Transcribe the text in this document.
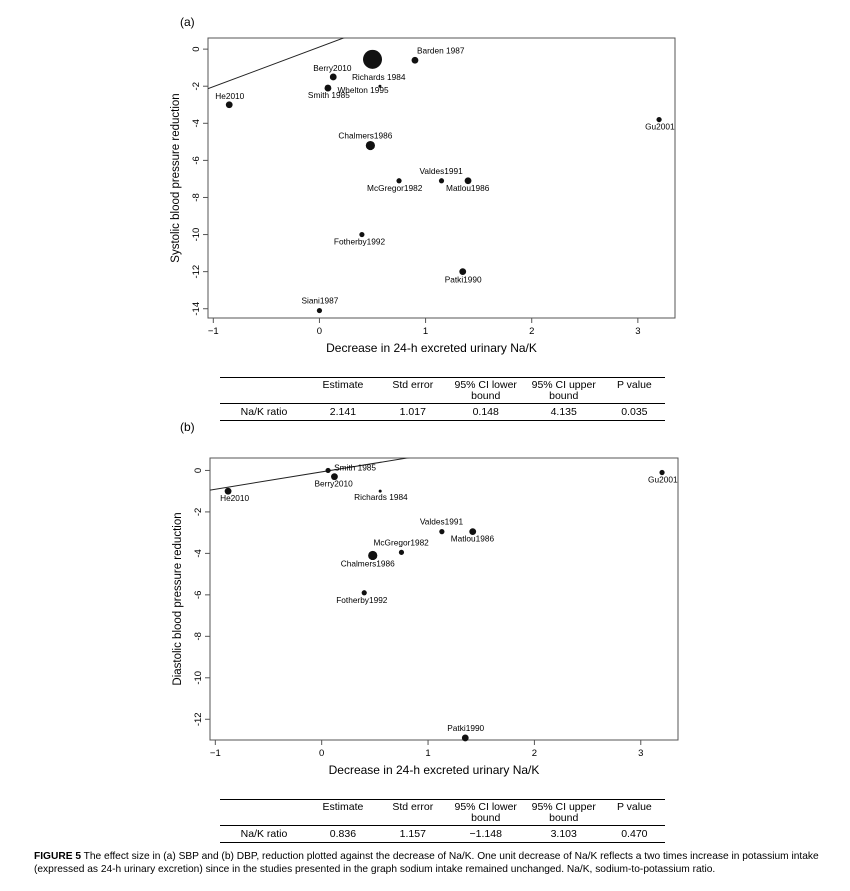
(a)
−1	0	1	2	3
0
-2
-4
-6
-8
-10
-12
-14
Decrease in 24-h excreted urinary Na/K
Systolic blood pressure reduction
Barden 1987
Berry2010
Richards 1984
Smith 1985
He2010
Whelton 1995
Gu2001
Chalmers1986
Valdes1991
McGregor1982	Matlou1986
Fotherby1992
Patki1990
Siani1987
	Estimate	Std error	95% CI lower bound	95% CI upper bound	P value
Na/K ratio	2.141	1.017	0.148	4.135	0.035
(b)
−1	0	1	2	3
0
-2
-4
-6
-8
-10
-12
Decrease in 24-h excreted urinary Na/K
Diastolic blood pressure reduction
Smith 1985
Berry2010
Richards 1984
He2010
Gu2001
Valdes1991
Matlou1986
McGregor1982
Chalmers1986
Fotherby1992
Patki1990
	Estimate	Std error	95% CI lower bound	95% CI upper bound	P value
Na/K ratio	0.836	1.157	−1.148	3.103	0.470
FIGURE 5 The effect size in (a) SBP and (b) DBP, reduction plotted against the decrease of Na/K. One unit decrease of Na/K reflects a two times increase in potassium intake (expressed as 24-h urinary excretion) since in the studies presented in the graph sodium intake remained unchanged. Na/K, sodium-to-potassium ratio.
